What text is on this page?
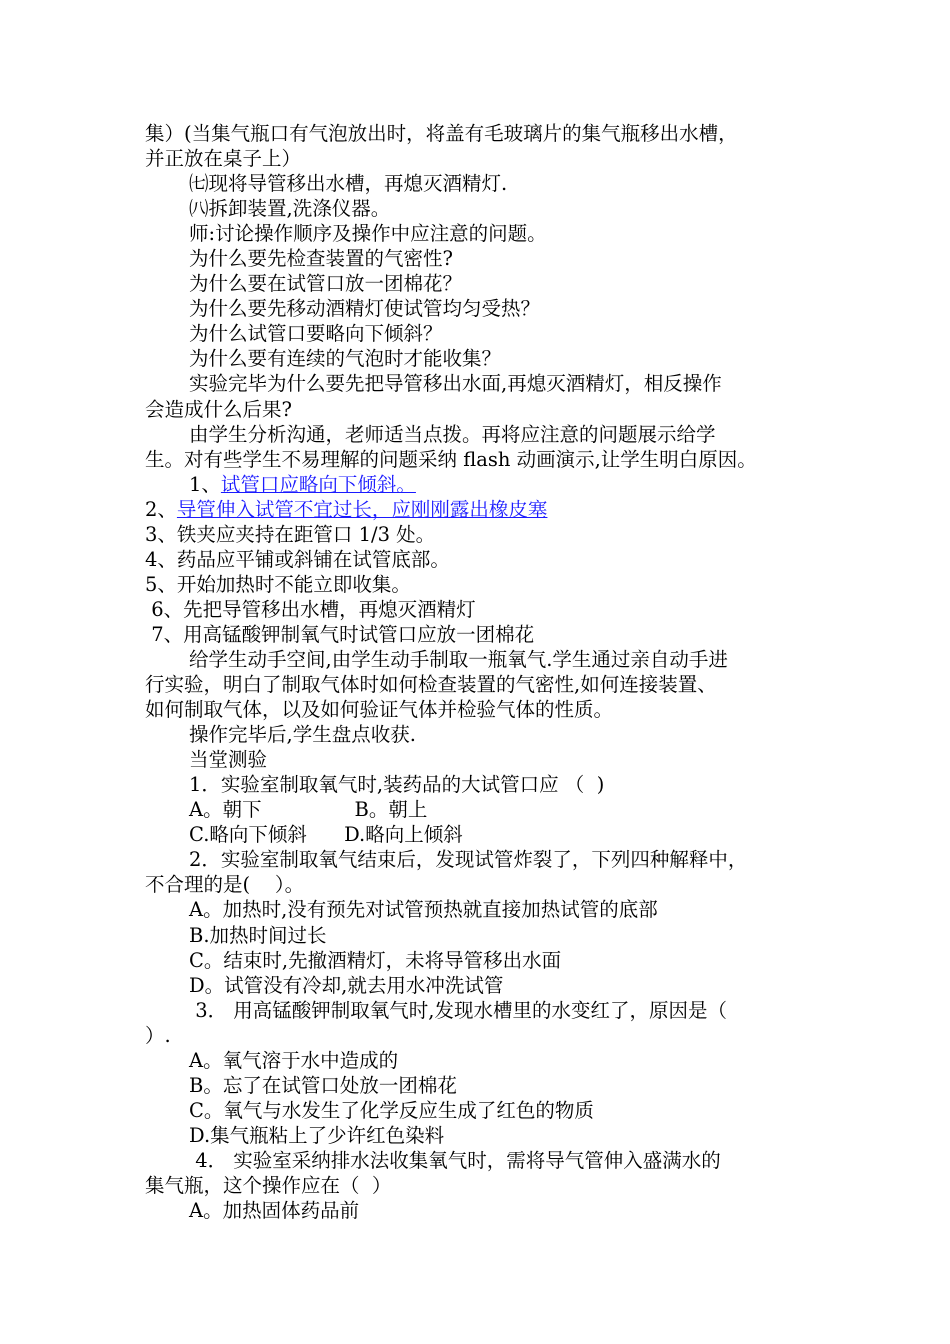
集）(当集气瓶口有气泡放出时，将盖有毛玻璃片的集气瓶移出水槽，
并正放在桌子上）
㈦现将导管移出水槽，再熄灭酒精灯.
㈧拆卸装置,洗涤仪器。
师:讨论操作顺序及操作中应注意的问题。
为什么要先检查装置的气密性?
为什么要在试管口放一团棉花？
为什么要先移动酒精灯使试管均匀受热？
为什么试管口要略向下倾斜？
为什么要有连续的气泡时才能收集？
实验完毕为什么要先把导管移出水面,再熄灭酒精灯，相反操作
会造成什么后果?
由学生分析沟通，老师适当点拨。再将应注意的问题展示给学
生。对有些学生不易理解的问题采纳 flash 动画演示,让学生明白原因。
1、试管口应略向下倾斜。
2、导管伸入试管不宜过长，应刚刚露出橡皮塞
3、铁夹应夹持在距管口 1/3 处。
4、药品应平铺或斜铺在试管底部。
5、开始加热时不能立即收集。
6、先把导管移出水槽，再熄灭酒精灯
7、用高锰酸钾制氧气时试管口应放一团棉花
给学生动手空间,由学生动手制取一瓶氧气.学生通过亲自动手进
行实验，明白了制取气体时如何检查装置的气密性,如何连接装置、
如何制取气体，以及如何验证气体并检验气体的性质。
操作完毕后,学生盘点收获.
当堂测验
1．实验室制取氧气时,装药品的大试管口应 （  )
A。朝下               B。朝上
C.略向下倾斜      D.略向上倾斜
2．实验室制取氧气结束后，发现试管炸裂了，下列四种解释中，
不合理的是(    ）。
A。加热时,没有预先对试管预热就直接加热试管的底部
B.加热时间过长
C。结束时,先撤酒精灯，未将导管移出水面
D。试管没有冷却,就去用水冲洗试管
3． 用高锰酸钾制取氧气时,发现水槽里的水变红了，原因是（
）.
A。氧气溶于水中造成的
B。忘了在试管口处放一团棉花
C。氧气与水发生了化学反应生成了红色的物质
D.集气瓶粘上了少许红色染料
4． 实验室采纳排水法收集氧气时，需将导气管伸入盛满水的
集气瓶，这个操作应在（  ）
A。加热固体药品前
